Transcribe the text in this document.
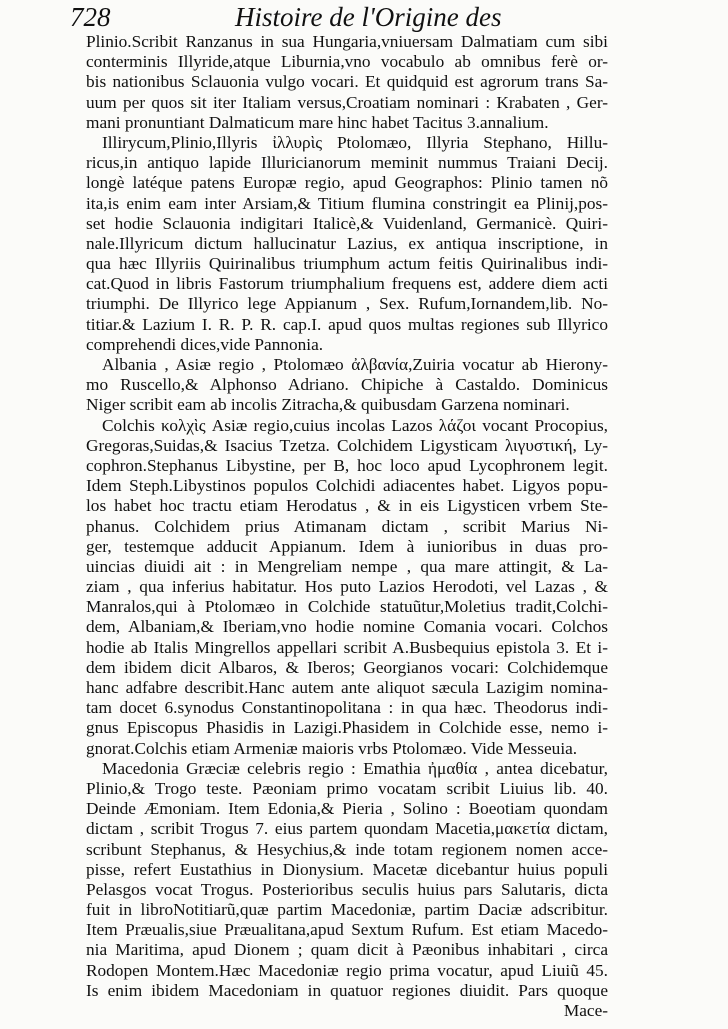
728	Histoire de l'Origine des
Plinio.Scribit Ranzanus in sua Hungaria,vniuersam Dalmatiam cum sibi
conterminis Illyride,atque Liburnia,vno vocabulo ab omnibus ferè or-
bis nationibus Sclauonia vulgo vocari. Et quidquid est agrorum trans Sa-
uum per quos sit iter Italiam versus,Croatiam nominari : Krabaten , Ger-
mani pronuntiant Dalmaticum mare hinc habet Tacitus 3.annalium.
Illirycum,Plinio,Illyris ἰλλυρὶς Ptolomæo, Illyria Stephano, Hillu-
ricus,in antiquo lapide Illuricianorum meminit nummus Traiani Decij.
longè latéque patens Europæ regio, apud Geographos: Plinio tamen nõ
ita,is enim eam inter Arsiam,& Titium flumina constringit ea Plinij,pos-
set hodie Sclauonia indigitari Italicè,& Vuidenland, Germanicè. Quiri-
nale.Illyricum dictum hallucinatur Lazius, ex antiqua inscriptione, in
qua hæc Illyriis Quirinalibus triumphum actum feitis Quirinalibus indi-
cat.Quod in libris Fastorum triumphalium frequens est, addere diem acti
triumphi. De Illyrico lege Appianum , Sex. Rufum,Iornandem,lib. No-
titiar.& Lazium I. R. P. R. cap.I. apud quos multas regiones sub Illyrico
comprehendi dices,vide Pannonia.
Albania , Asiæ regio , Ptolomæo ἀλβανία,Zuiria vocatur ab Hierony-
mo Ruscello,& Alphonso Adriano. Chipiche à Castaldo. Dominicus
Niger scribit eam ab incolis Zitracha,& quibusdam Garzena nominari.
Colchis κολχὶς Asiæ regio,cuius incolas Lazos λάζοι vocant Procopius,
Gregoras,Suidas,& Isacius Tzetza. Colchidem Ligysticam λιγυστική, Ly-
cophron.Stephanus Libystine, per B, hoc loco apud Lycophronem legit.
Idem Steph.Libystinos populos Colchidi adiacentes habet. Ligyos popu-
los habet hoc tractu etiam Herodatus , & in eis Ligysticen vrbem Ste-
phanus. Colchidem prius Atimanam dictam , scribit Marius Ni-
ger, testemque adducit Appianum. Idem à iunioribus in duas pro-
uincias diuidi ait : in Mengreliam nempe , qua mare attingit, & La-
ziam , qua inferius habitatur. Hos puto Lazios Herodoti, vel Lazas , &
Manralos,qui à Ptolomæo in Colchide statuũtur,Moletius tradit,Colchi-
dem, Albaniam,& Iberiam,vno hodie nomine Comania vocari. Colchos
hodie ab Italis Mingrellos appellari scribit A.Busbequius epistola 3. Et i-
dem ibidem dicit Albaros, & Iberos; Georgianos vocari: Colchidemque
hanc adfabre describit.Hanc autem ante aliquot sæcula Lazigim nomina-
tam docet 6.synodus Constantinopolitana : in qua hæc. Theodorus indi-
gnus Episcopus Phasidis in Lazigi.Phasidem in Colchide esse, nemo i-
gnorat.Colchis etiam Armeniæ maioris vrbs Ptolomæo. Vide Messeuia.
Macedonia Græciæ celebris regio : Emathia ἠμαθία , antea dicebatur,
Plinio,& Trogo teste. Pæoniam primo vocatam scribit Liuius lib. 40.
Deinde Æmoniam. Item Edonia,& Pieria , Solino : Boeotiam quondam
dictam , scribit Trogus 7. eius partem quondam Macetia,μακετία dictam,
scribunt Stephanus, & Hesychius,& inde totam regionem nomen acce-
pisse, refert Eustathius in Dionysium. Macetæ dicebantur huius populi
Pelasgos vocat Trogus. Posterioribus seculis huius pars Salutaris, dicta
fuit in libroNotitiarũ,quæ partim Macedoniæ, partim Daciæ adscribitur.
Item Præualis,siue Præualitana,apud Sextum Rufum. Est etiam Macedo-
nia Maritima, apud Dionem ; quam dicit à Pæonibus inhabitari , circa
Rodopen Montem.Hæc Macedoniæ regio prima vocatur, apud Liuiũ 45.
Is enim ibidem Macedoniam in quatuor regiones diuidit. Pars quoque
Mace-
